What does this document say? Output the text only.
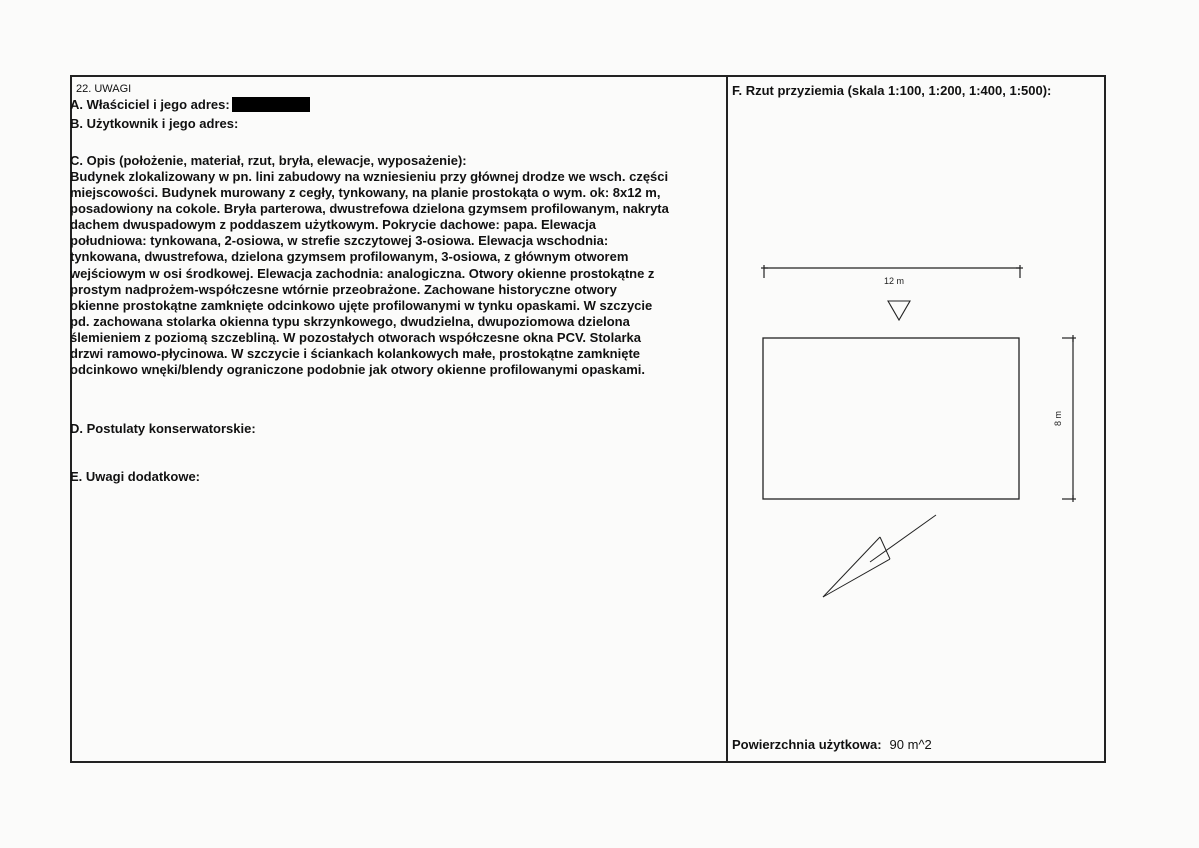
22. UWAGI
A. Właściciel i jego adres:
B. Użytkownik i jego adres:
C. Opis (położenie, materiał, rzut, bryła, elewacje, wyposażenie):
Budynek zlokalizowany w pn. lini zabudowy na wzniesieniu przy głównej drodze we wsch. części
miejscowości. Budynek murowany z cegły, tynkowany, na planie prostokąta o wym. ok: 8x12 m,
posadowiony na cokole. Bryła parterowa, dwustrefowa dzielona gzymsem profilowanym, nakryta
dachem dwuspadowym z poddaszem użytkowym. Pokrycie dachowe: papa. Elewacja
południowa: tynkowana, 2-osiowa, w strefie szczytowej 3-osiowa. Elewacja wschodnia:
tynkowana, dwustrefowa, dzielona gzymsem profilowanym, 3-osiowa, z głównym otworem
wejściowym w osi środkowej. Elewacja zachodnia: analogiczna. Otwory okienne prostokątne z
prostym nadprożem-współczesne wtórnie przeobrażone. Zachowane historyczne otwory
okienne prostokątne zamknięte odcinkowo ujęte profilowanymi w tynku opaskami. W szczycie
pd. zachowana stolarka okienna typu skrzynkowego, dwudzielna, dwupoziomowa dzielona
ślemieniem z poziomą szczebliną. W pozostałych otworach współczesne okna PCV. Stolarka
drzwi ramowo-płycinowa. W szczycie i ściankach kolankowych małe, prostokątne zamknięte
odcinkowo wnęki/blendy ograniczone podobnie jak otwory okienne profilowanymi opaskami.
D. Postulaty konserwatorskie:
E. Uwagi dodatkowe:
F. Rzut przyziemia (skala 1:100, 1:200, 1:400, 1:500):
12 m
8 m
Powierzchnia użytkowa: 90 m^2
